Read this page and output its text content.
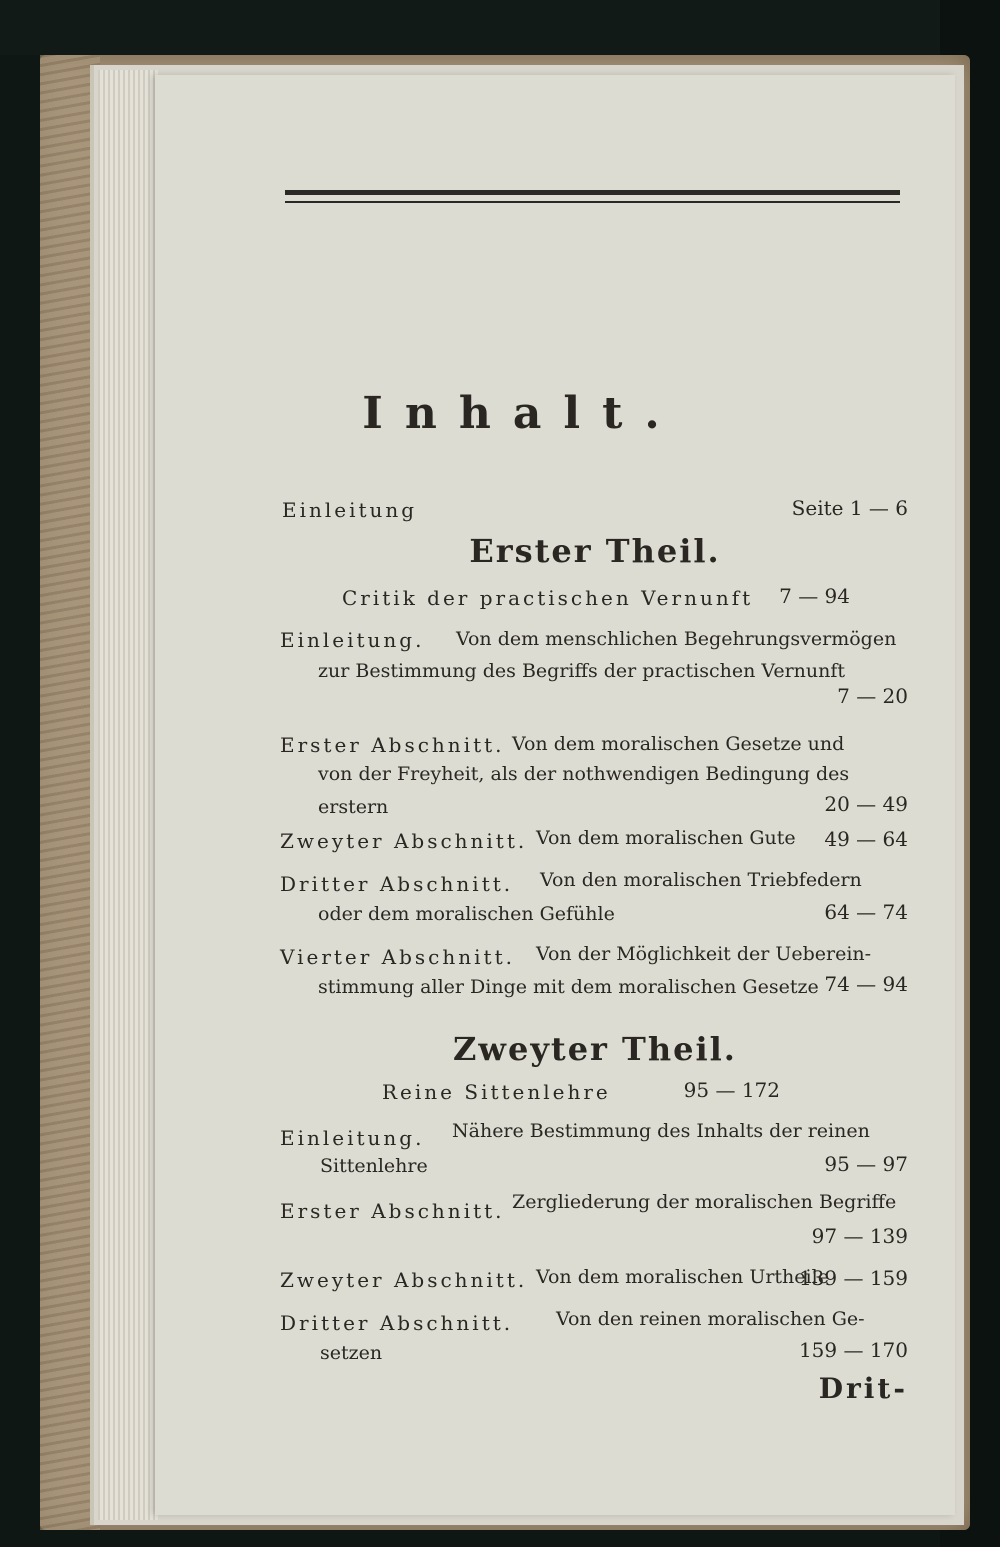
Inhalt.
Einleitung	Seite 1 — 6
Erster Theil.
Critik der practischen Vernunft	7 — 94
Einleitung. Von dem menschlichen Begehrungsvermögen
zur Bestimmung des Begriffs der practischen Vernunft
7 — 20
Erster Abschnitt. Von dem moralischen Gesetze und
von der Freyheit, als der nothwendigen Bedingung des
erstern	20 — 49
Zweyter Abschnitt. Von dem moralischen Gute	49 — 64
Dritter Abschnitt. Von den moralischen Triebfedern
oder dem moralischen Gefühle	64 — 74
Vierter Abschnitt. Von der Möglichkeit der Ueberein-
stimmung aller Dinge mit dem moralischen Gesetze 74 — 94
Zweyter Theil.
Reine Sittenlehre	95 — 172
Einleitung. Nähere Bestimmung des Inhalts der reinen
Sittenlehre	95 — 97
Erster Abschnitt. Zergliederung der moralischen Begriffe
97 — 139
Zweyter Abschnitt. Von dem moralischen Urtheile
139 — 159
Dritter Abschnitt. Von den reinen moralischen Ge-
setzen	159 — 170
Drit-
